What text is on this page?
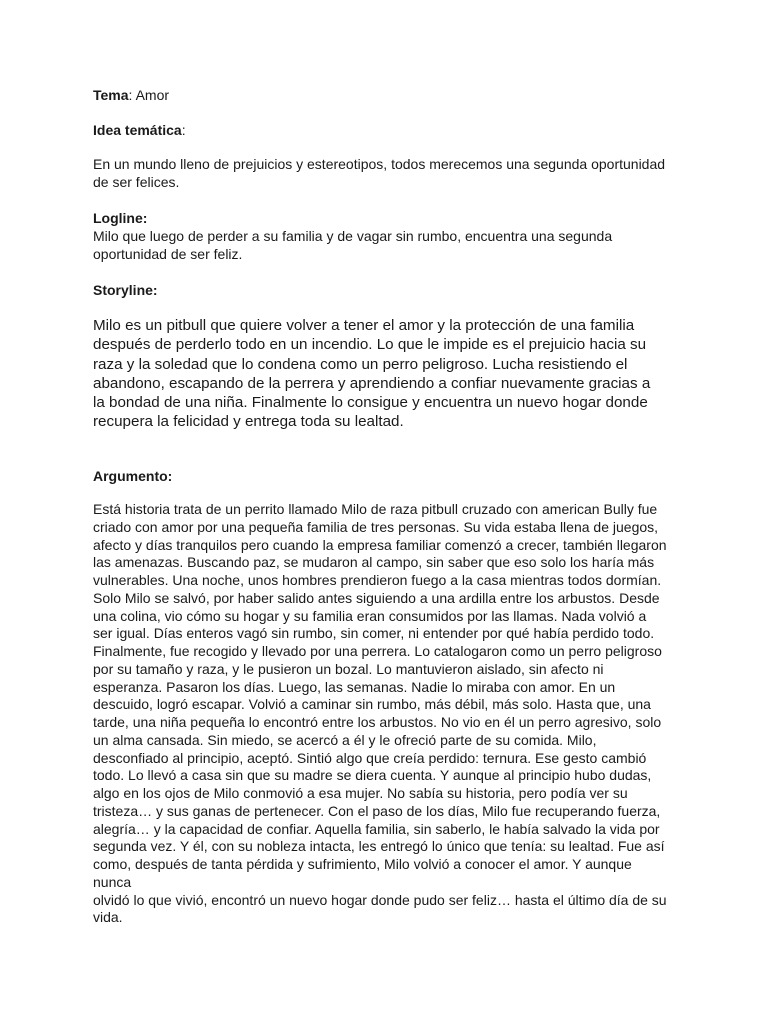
Tema: Amor
Idea temática:
En un mundo lleno de prejuicios y estereotipos, todos merecemos una segunda oportunidad
de ser felices.
Logline:
Milo que luego de perder a su familia y de vagar sin rumbo, encuentra una segunda
oportunidad de ser feliz.
Storyline:
Milo es un pitbull que quiere volver a tener el amor y la protección de una familia
después de perderlo todo en un incendio. Lo que le impide es el prejuicio hacia su
raza y la soledad que lo condena como un perro peligroso. Lucha resistiendo el
abandono, escapando de la perrera y aprendiendo a confiar nuevamente gracias a
la bondad de una niña. Finalmente lo consigue y encuentra un nuevo hogar donde
recupera la felicidad y entrega toda su lealtad.
Argumento:
Está historia trata de un perrito llamado Milo de raza pitbull cruzado con american Bully fue
criado con amor por una pequeña familia de tres personas. Su vida estaba llena de juegos,
afecto y días tranquilos pero cuando la empresa familiar comenzó a crecer, también llegaron
las amenazas. Buscando paz, se mudaron al campo, sin saber que eso solo los haría más
vulnerables. Una noche, unos hombres prendieron fuego a la casa mientras todos dormían.
Solo Milo se salvó, por haber salido antes siguiendo a una ardilla entre los arbustos. Desde
una colina, vio cómo su hogar y su familia eran consumidos por las llamas. Nada volvió a
ser igual. Días enteros vagó sin rumbo, sin comer, ni entender por qué había perdido todo.
Finalmente, fue recogido y llevado por una perrera. Lo catalogaron como un perro peligroso
por su tamaño y raza, y le pusieron un bozal. Lo mantuvieron aislado, sin afecto ni
esperanza. Pasaron los días. Luego, las semanas. Nadie lo miraba con amor. En un
descuido, logró escapar. Volvió a caminar sin rumbo, más débil, más solo. Hasta que, una
tarde, una niña pequeña lo encontró entre los arbustos. No vio en él un perro agresivo, solo
un alma cansada. Sin miedo, se acercó a él y le ofreció parte de su comida. Milo,
desconfiado al principio, aceptó. Sintió algo que creía perdido: ternura. Ese gesto cambió
todo. Lo llevó a casa sin que su madre se diera cuenta. Y aunque al principio hubo dudas,
algo en los ojos de Milo conmovió a esa mujer. No sabía su historia, pero podía ver su
tristeza… y sus ganas de pertenecer. Con el paso de los días, Milo fue recuperando fuerza,
alegría… y la capacidad de confiar. Aquella familia, sin saberlo, le había salvado la vida por
segunda vez. Y él, con su nobleza intacta, les entregó lo único que tenía: su lealtad. Fue así
como, después de tanta pérdida y sufrimiento, Milo volvió a conocer el amor. Y aunque
nunca
olvidó lo que vivió, encontró un nuevo hogar donde pudo ser feliz… hasta el último día de su
vida.
